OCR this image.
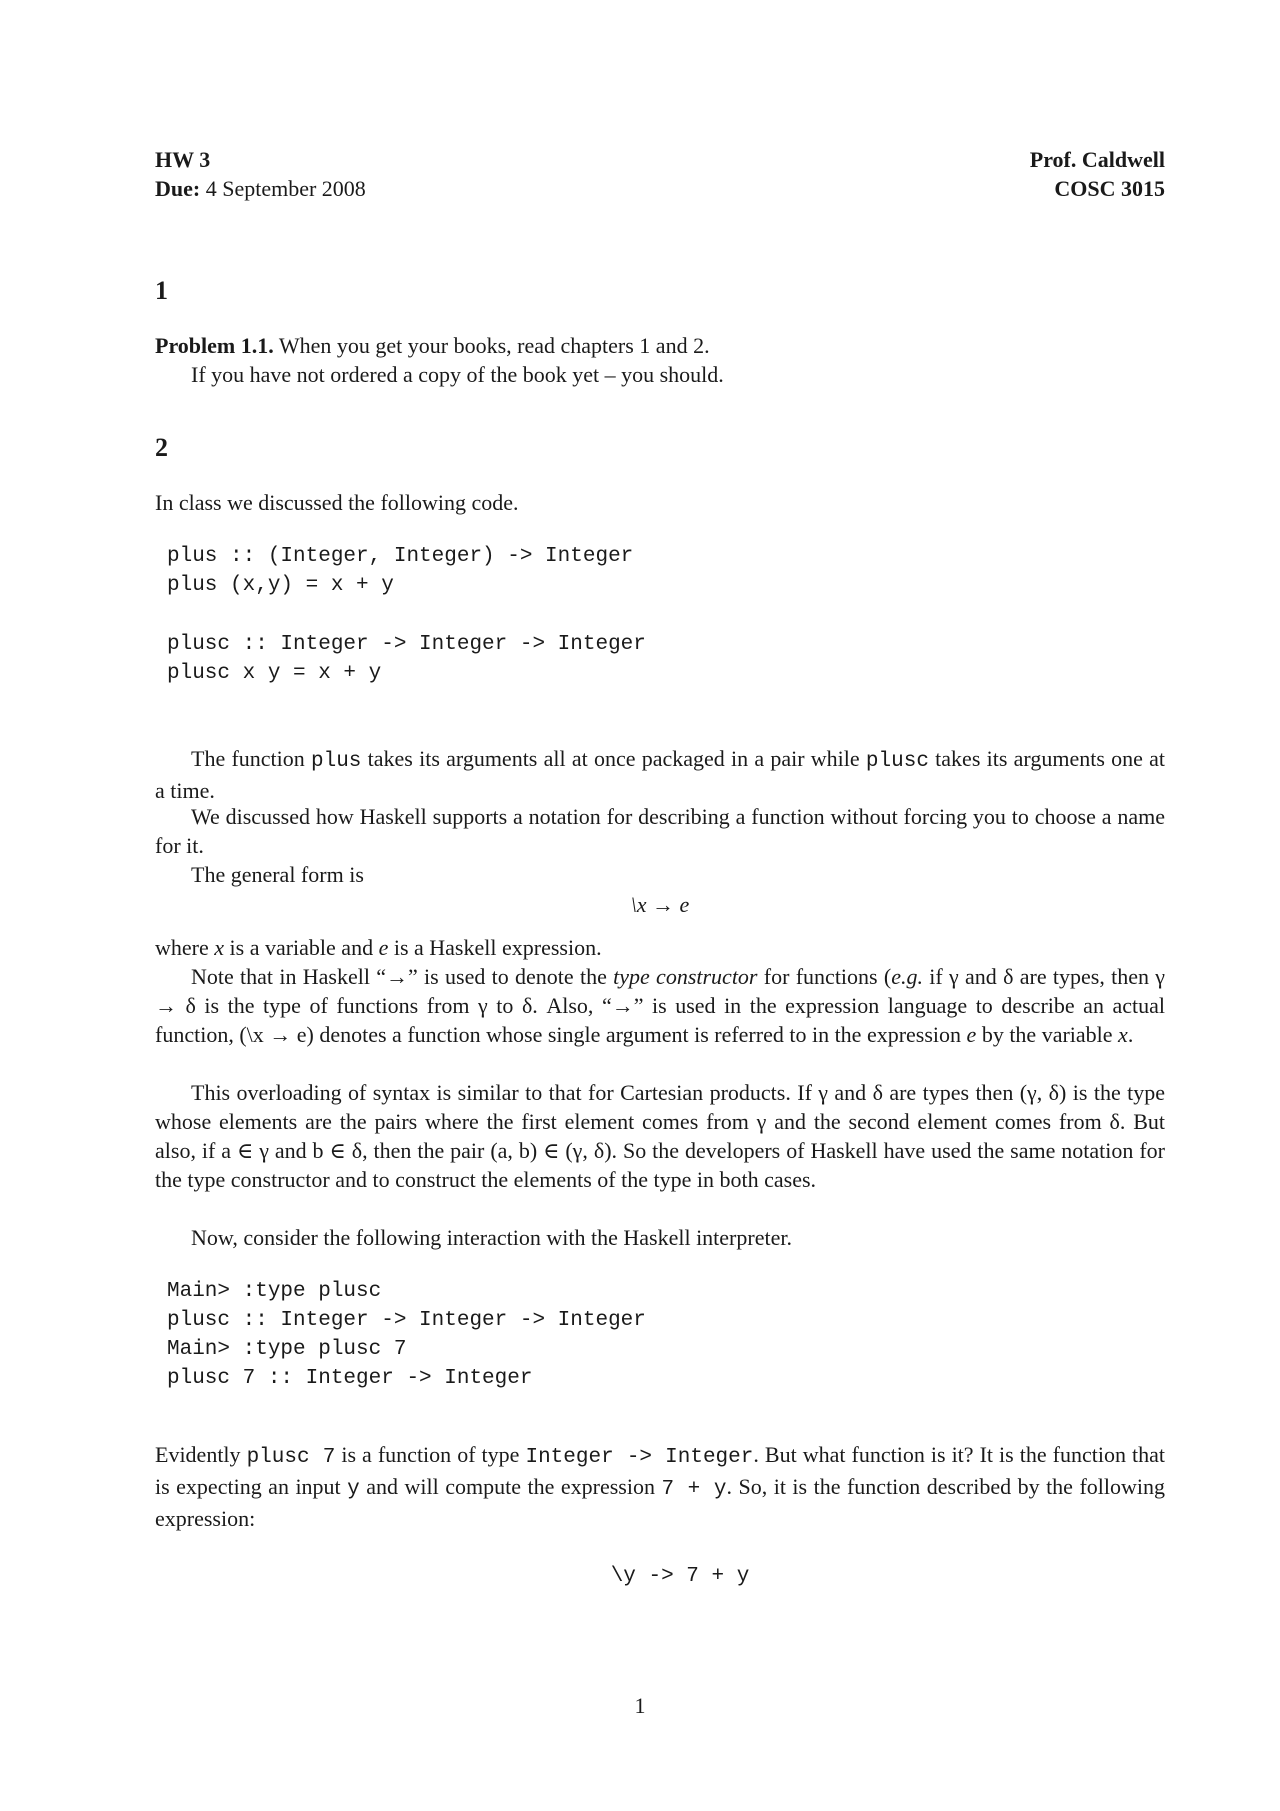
HW 3
Due: 4 September 2008
Prof. Caldwell
COSC 3015
1
Problem 1.1. When you get your books, read chapters 1 and 2.
If you have not ordered a copy of the book yet – you should.
2
In class we discussed the following code.
plus :: (Integer, Integer) -> Integer
plus (x,y) = x + y
plusc :: Integer -> Integer -> Integer
plusc x y = x + y
The function plus takes its arguments all at once packaged in a pair while plusc takes its arguments one at a time.
We discussed how Haskell supports a notation for describing a function without forcing you to choose a name for it.
The general form is
\x → e
where x is a variable and e is a Haskell expression.
Note that in Haskell “→” is used to denote the type constructor for functions (e.g. if γ and δ are types, then γ → δ is the type of functions from γ to δ. Also, “→” is used in the expression language to describe an actual function, (\x → e) denotes a function whose single argument is referred to in the expression e by the variable x.
This overloading of syntax is similar to that for Cartesian products. If γ and δ are types then (γ, δ) is the type whose elements are the pairs where the first element comes from γ and the second element comes from δ. But also, if a ∈ γ and b ∈ δ, then the pair (a, b) ∈ (γ, δ). So the developers of Haskell have used the same notation for the type constructor and to construct the elements of the type in both cases.
Now, consider the following interaction with the Haskell interpreter.
Main> :type plusc
plusc :: Integer -> Integer -> Integer
Main> :type plusc 7
plusc 7 :: Integer -> Integer
Evidently plusc 7 is a function of type Integer -> Integer. But what function is it? It is the function that is expecting an input y and will compute the expression 7 + y. So, it is the function described by the following expression:
\y -> 7 + y
1
